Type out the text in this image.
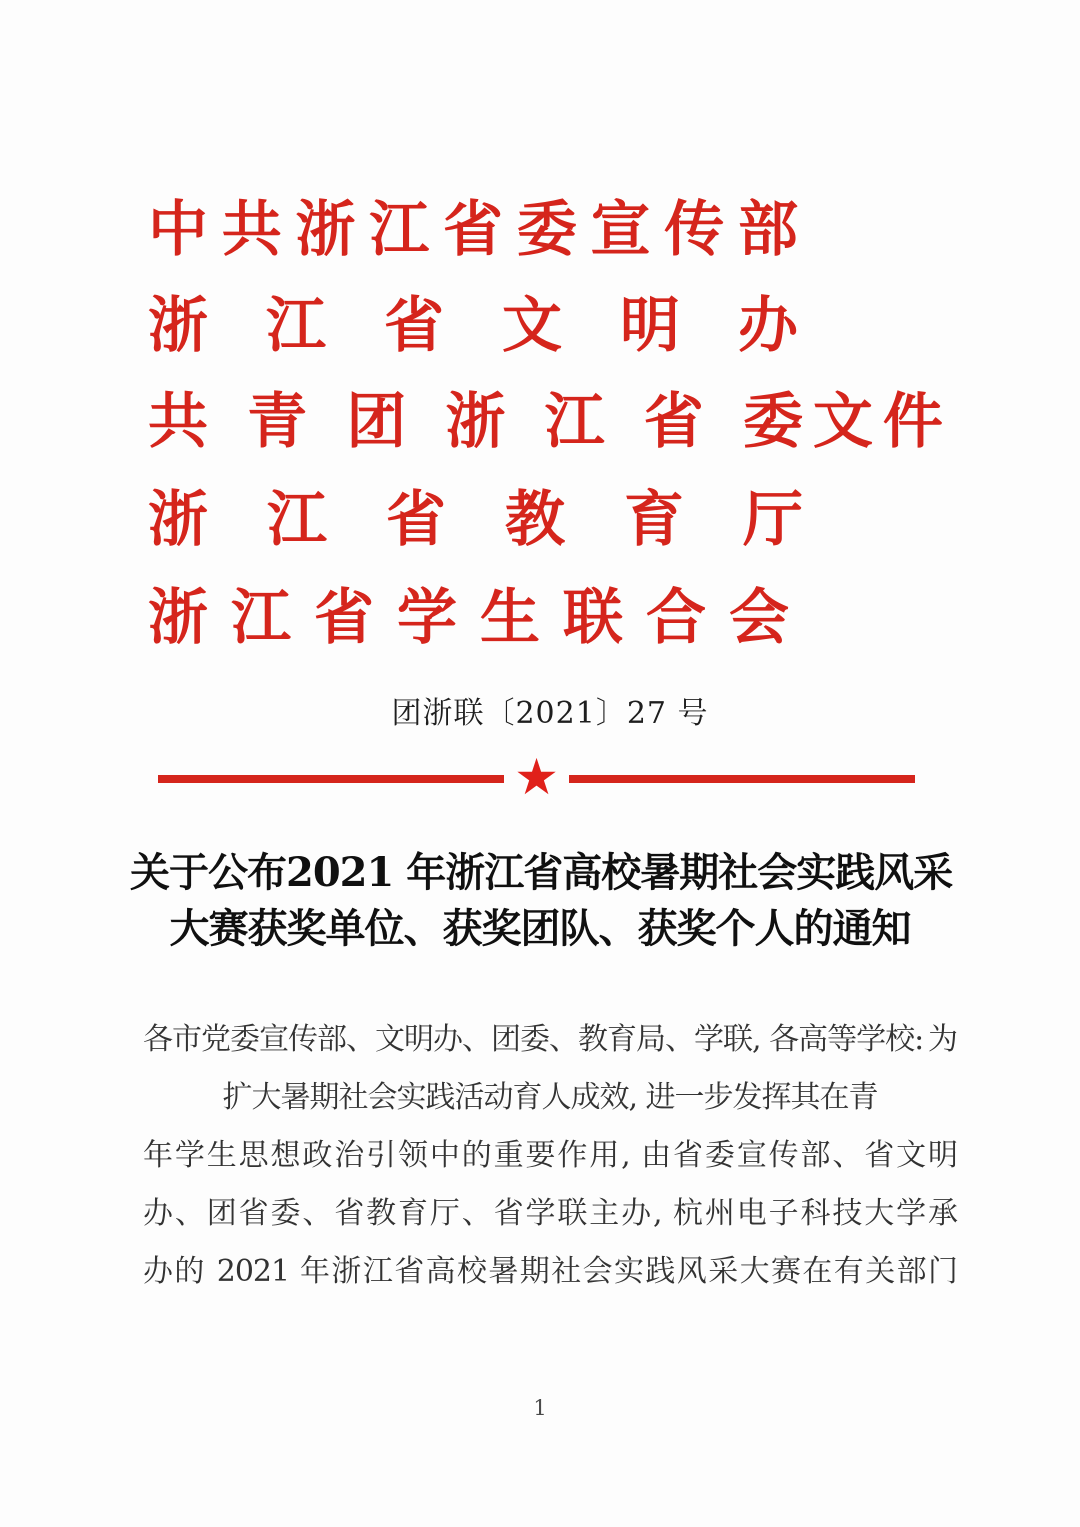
中 共 浙 江 省 委 宣 传 部
浙 江 省 文 明 办
共 青 团 浙 江 省 委文件
浙 江 省 教 育 厅
浙 江 省 学 生 联 合 会
团浙联〔2021〕27 号
★
关于公布2021 年浙江省高校暑期社会实践风采
大赛获奖单位、获奖团队、获奖个人的通知
各市党委宣传部、文明办、团委、教育局、学联, 各高等学校: 为
扩大暑期社会实践活动育人成效, 进一步发挥其在青
年学生思想政治引领中的重要作用, 由省委宣传部、省文明
办、团省委、省教育厅、省学联主办, 杭州电子科技大学承
办的 2021 年浙江省高校暑期社会实践风采大赛在有关部门
1
